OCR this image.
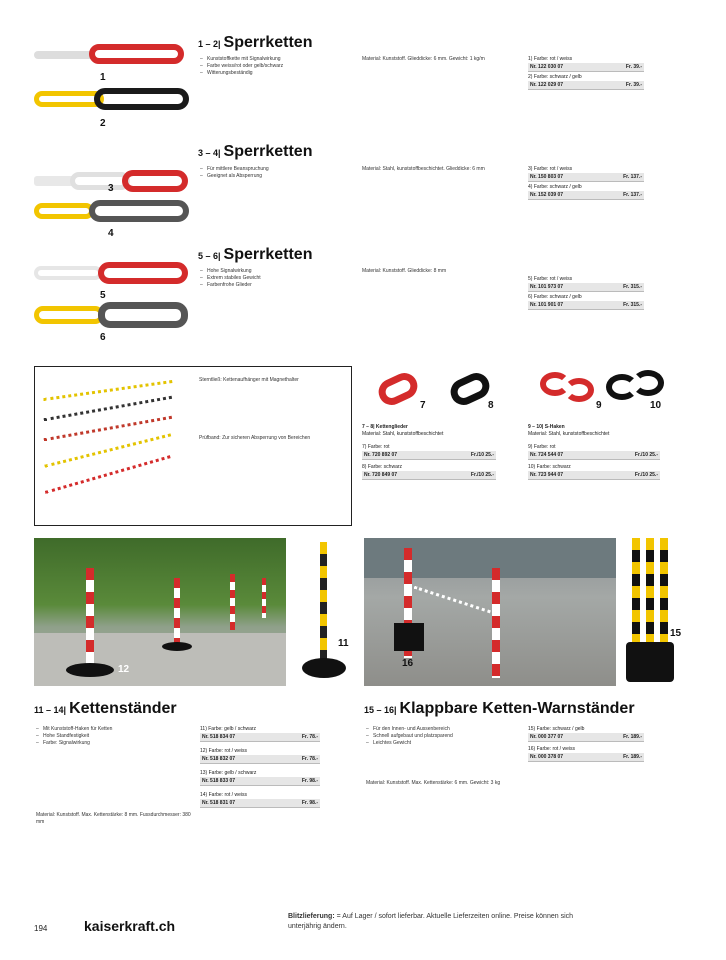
1
2
1 – 2| Sperrketten
– Kunststoffkette mit Signalwirkung
– Farbe weiss/rot oder gelb/schwarz
– Witterungsbeständig
Material: Kunststoff. Glieddicke: 6 mm. Gewicht: 1 kg/m	1) Farbe: rot / weiss
Nr. 122 030 07	Fr. 39.-
2) Farbe: schwarz / gelb
Nr. 122 029 07	Fr. 39.-
3
4
3 – 4| Sperrketten
– Für mittlere Beanspruchung
– Geeignet als Absperrung
Material: Stahl, kunststoffbeschichtet. Glieddicke: 6 mm	3) Farbe: rot / weiss
Nr. 150 803 07	Fr. 137.-
4) Farbe: schwarz / gelb
Nr. 152 039 07	Fr. 137.-
5
6
5 – 6| Sperrketten
– Hohe Signalwirkung
– Extrem stabiles Gewicht
– Farbenfrohe Glieder
Material: Kunststoff. Glieddicke: 8 mm
5) Farbe: rot / weiss
Nr. 101 973 07	Fr. 315.-
6) Farbe: schwarz / gelb
Nr. 101 901 07	Fr. 315.-
Sterntließ: Kettenaufhänger mit Magnethalter
Prüfband: Zur sicheren Absperrung von Bereichen
7	8	9	10
7 – 8| Kettenglieder
Material: Stahl, kunststoffbeschichtet
7) Farbe: rot
Nr. 720 892 07	Fr./10 25.-
8) Farbe: schwarz
Nr. 720 849 07	Fr./10 25.-
9 – 10| S-Haken
Material: Stahl, kunststoffbeschichtet
9) Farbe: rot
Nr. 724 544 07	Fr./10 25.-
10) Farbe: schwarz
Nr. 723 944 07	Fr./10 25.-
12
11
16
15
11 – 14| Kettenständer
– Mit Kunststoff-Haken für Ketten
– Hohe Standfestigkeit
– Farbe: Signalwirkung
Material: Kunststoff. Max. Kettenstärke: 8 mm. Fussdurchmesser: 380 mm
11) Farbe: gelb / schwarz
Nr. 518 834 07	Fr. 78.-
12) Farbe: rot / weiss
Nr. 518 832 07	Fr. 78.-
13) Farbe: gelb / schwarz
Nr. 518 833 07	Fr. 98.-
14) Farbe: rot / weiss
Nr. 518 831 07	Fr. 98.-
15 – 16| Klappbare Ketten-Warnständer
– Für den Innen- und Aussenbereich
– Schnell aufgebaut und platzsparend
– Leichtes Gewicht
Material: Kunststoff. Max. Kettenstärke: 6 mm. Gewicht: 3 kg
15) Farbe: schwarz / gelb
Nr. 000 377 07	Fr. 189.-
16) Farbe: rot / weiss
Nr. 000 378 07	Fr. 189.-
194	kaiserkraft.ch
Blitzlieferung: = Auf Lager / sofort lieferbar. Aktuelle Lieferzeiten online. Preise können sich unterjährig ändern.
